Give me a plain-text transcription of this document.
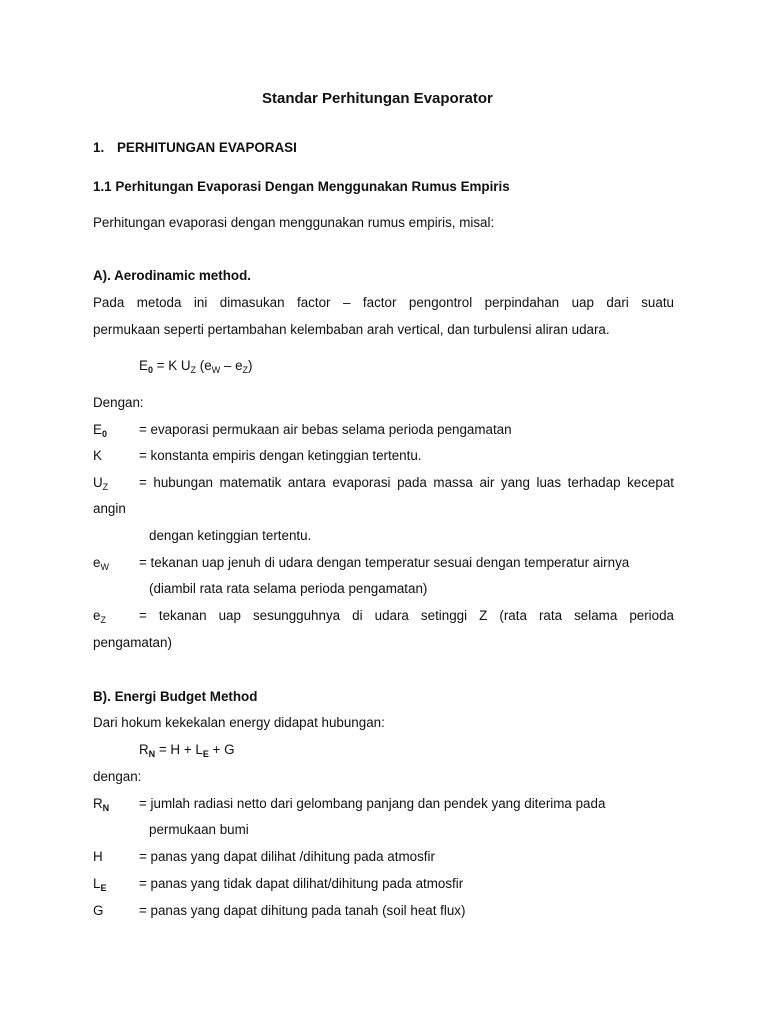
Standar Perhitungan Evaporator
1. PERHITUNGAN EVAPORASI
1.1 Perhitungan Evaporasi Dengan Menggunakan Rumus Empiris
Perhitungan evaporasi dengan menggunakan rumus empiris, misal:
A). Aerodinamic method.
Pada metoda ini dimasukan factor – factor pengontrol perpindahan uap dari suatu
permukaan seperti pertambahan kelembaban arah vertical, dan turbulensi aliran udara.
$E_0 = K$ $U_Z$ $(e_W - e_Z)$
Dengan:
$E_0$ = evaporasi permukaan air bebas selama perioda pengamatan
K	= konstanta empiris dengan ketinggian tertentu.
$U_Z$ = hubungan matematik antara evaporasi pada massa air yang luas terhadap kecepat
angin
dengan ketinggian tertentu.
$e_W$ = tekanan uap jenuh di udara dengan temperatur sesuai dengan temperatur airnya
(diambil rata rata selama perioda pengamatan)
$e_Z$ = tekanan uap sesungguhnya di udara setinggi Z (rata rata selama perioda
pengamatan)
B). Energi Budget Method
Dari hokum kekekalan energy didapat hubungan:
$R_N = H + L_E + G$
dengan:
$R_N$ = jumlah radiasi netto dari gelombang panjang dan pendek yang diterima pada
permukaan bumi
H	= panas yang dapat dilihat /dihitung pada atmosfir
$L_E$ = panas yang tidak dapat dilihat/dihitung pada atmosfir
G	= panas yang dapat dihitung pada tanah (soil heat flux)
